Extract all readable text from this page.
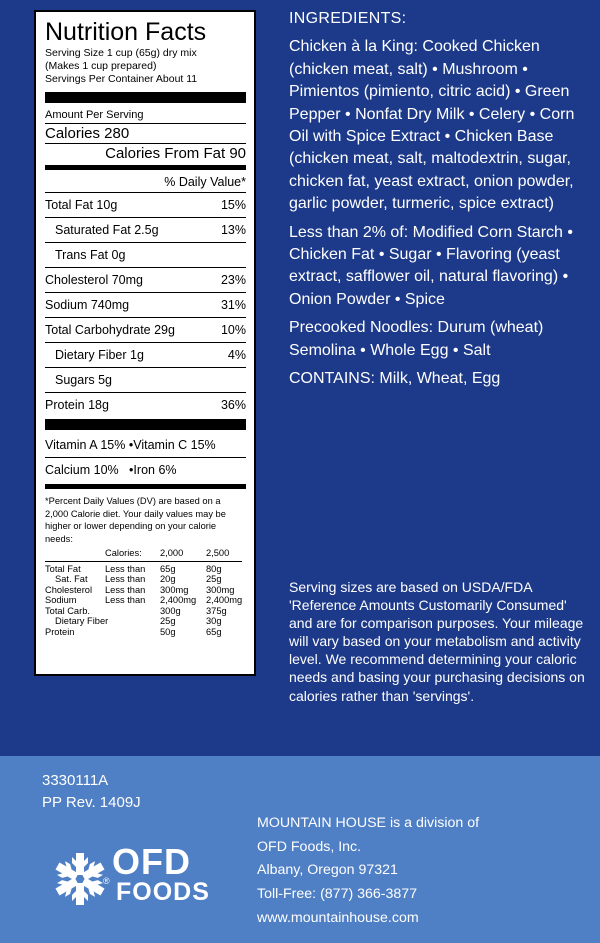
Nutrition Facts
Serving Size 1 cup (65g) dry mix
(Makes 1 cup prepared)
Servings Per Container About 11
Amount Per Serving
Calories 280
Calories From Fat 90
% Daily Value*
Total Fat 10g	15%
Saturated Fat 2.5g	13%
Trans Fat 0g
Cholesterol 70mg	23%
Sodium 740mg	31%
Total Carbohydrate 29g	10%
Dietary Fiber 1g	4%
Sugars 5g
Protein 18g	36%
Vitamin A 15% •Vitamin C 15%
Calcium 10%   •Iron 6%
*Percent Daily Values (DV) are based on a 2,000 Calorie diet. Your daily values may be higher or lower depending on your calorie needs:
	Calories:	2,000	2,500
Total Fat	Less than	65g	80g
Sat. Fat	Less than	20g	25g
Cholesterol	Less than	300mg	300mg
Sodium	Less than	2,400mg	2,400mg
Total Carb.		300g	375g
Dietary Fiber		25g	30g
Protein		50g	65g

INGREDIENTS:

Chicken à la King: Cooked Chicken (chicken meat, salt) • Mushroom • Pimientos (pimiento, citric acid) • Green Pepper • Nonfat Dry Milk • Celery • Corn Oil with Spice Extract • Chicken Base (chicken meat, salt, maltodextrin, sugar, chicken fat, yeast extract, onion powder, garlic powder, turmeric, spice extract)

Less than 2% of: Modified Corn Starch • Chicken Fat • Sugar • Flavoring (yeast extract, safflower oil, natural flavoring) • Onion Powder • Spice

Precooked Noodles: Durum (wheat) Semolina • Whole Egg • Salt

CONTAINS: Milk, Wheat, Egg

Serving sizes are based on USDA/FDA 'Reference Amounts Customarily Consumed' and are for comparison purposes. Your mileage will vary based on your metabolism and activity level. We recommend determining your caloric needs and basing your purchasing decisions on calories rather than 'servings'.
3330111A
PP Rev. 1409J
OFD
FOODS
®
MOUNTAIN HOUSE is a division of
OFD Foods, Inc.
Albany, Oregon 97321
Toll-Free: (877) 366-3877
www.mountainhouse.com
